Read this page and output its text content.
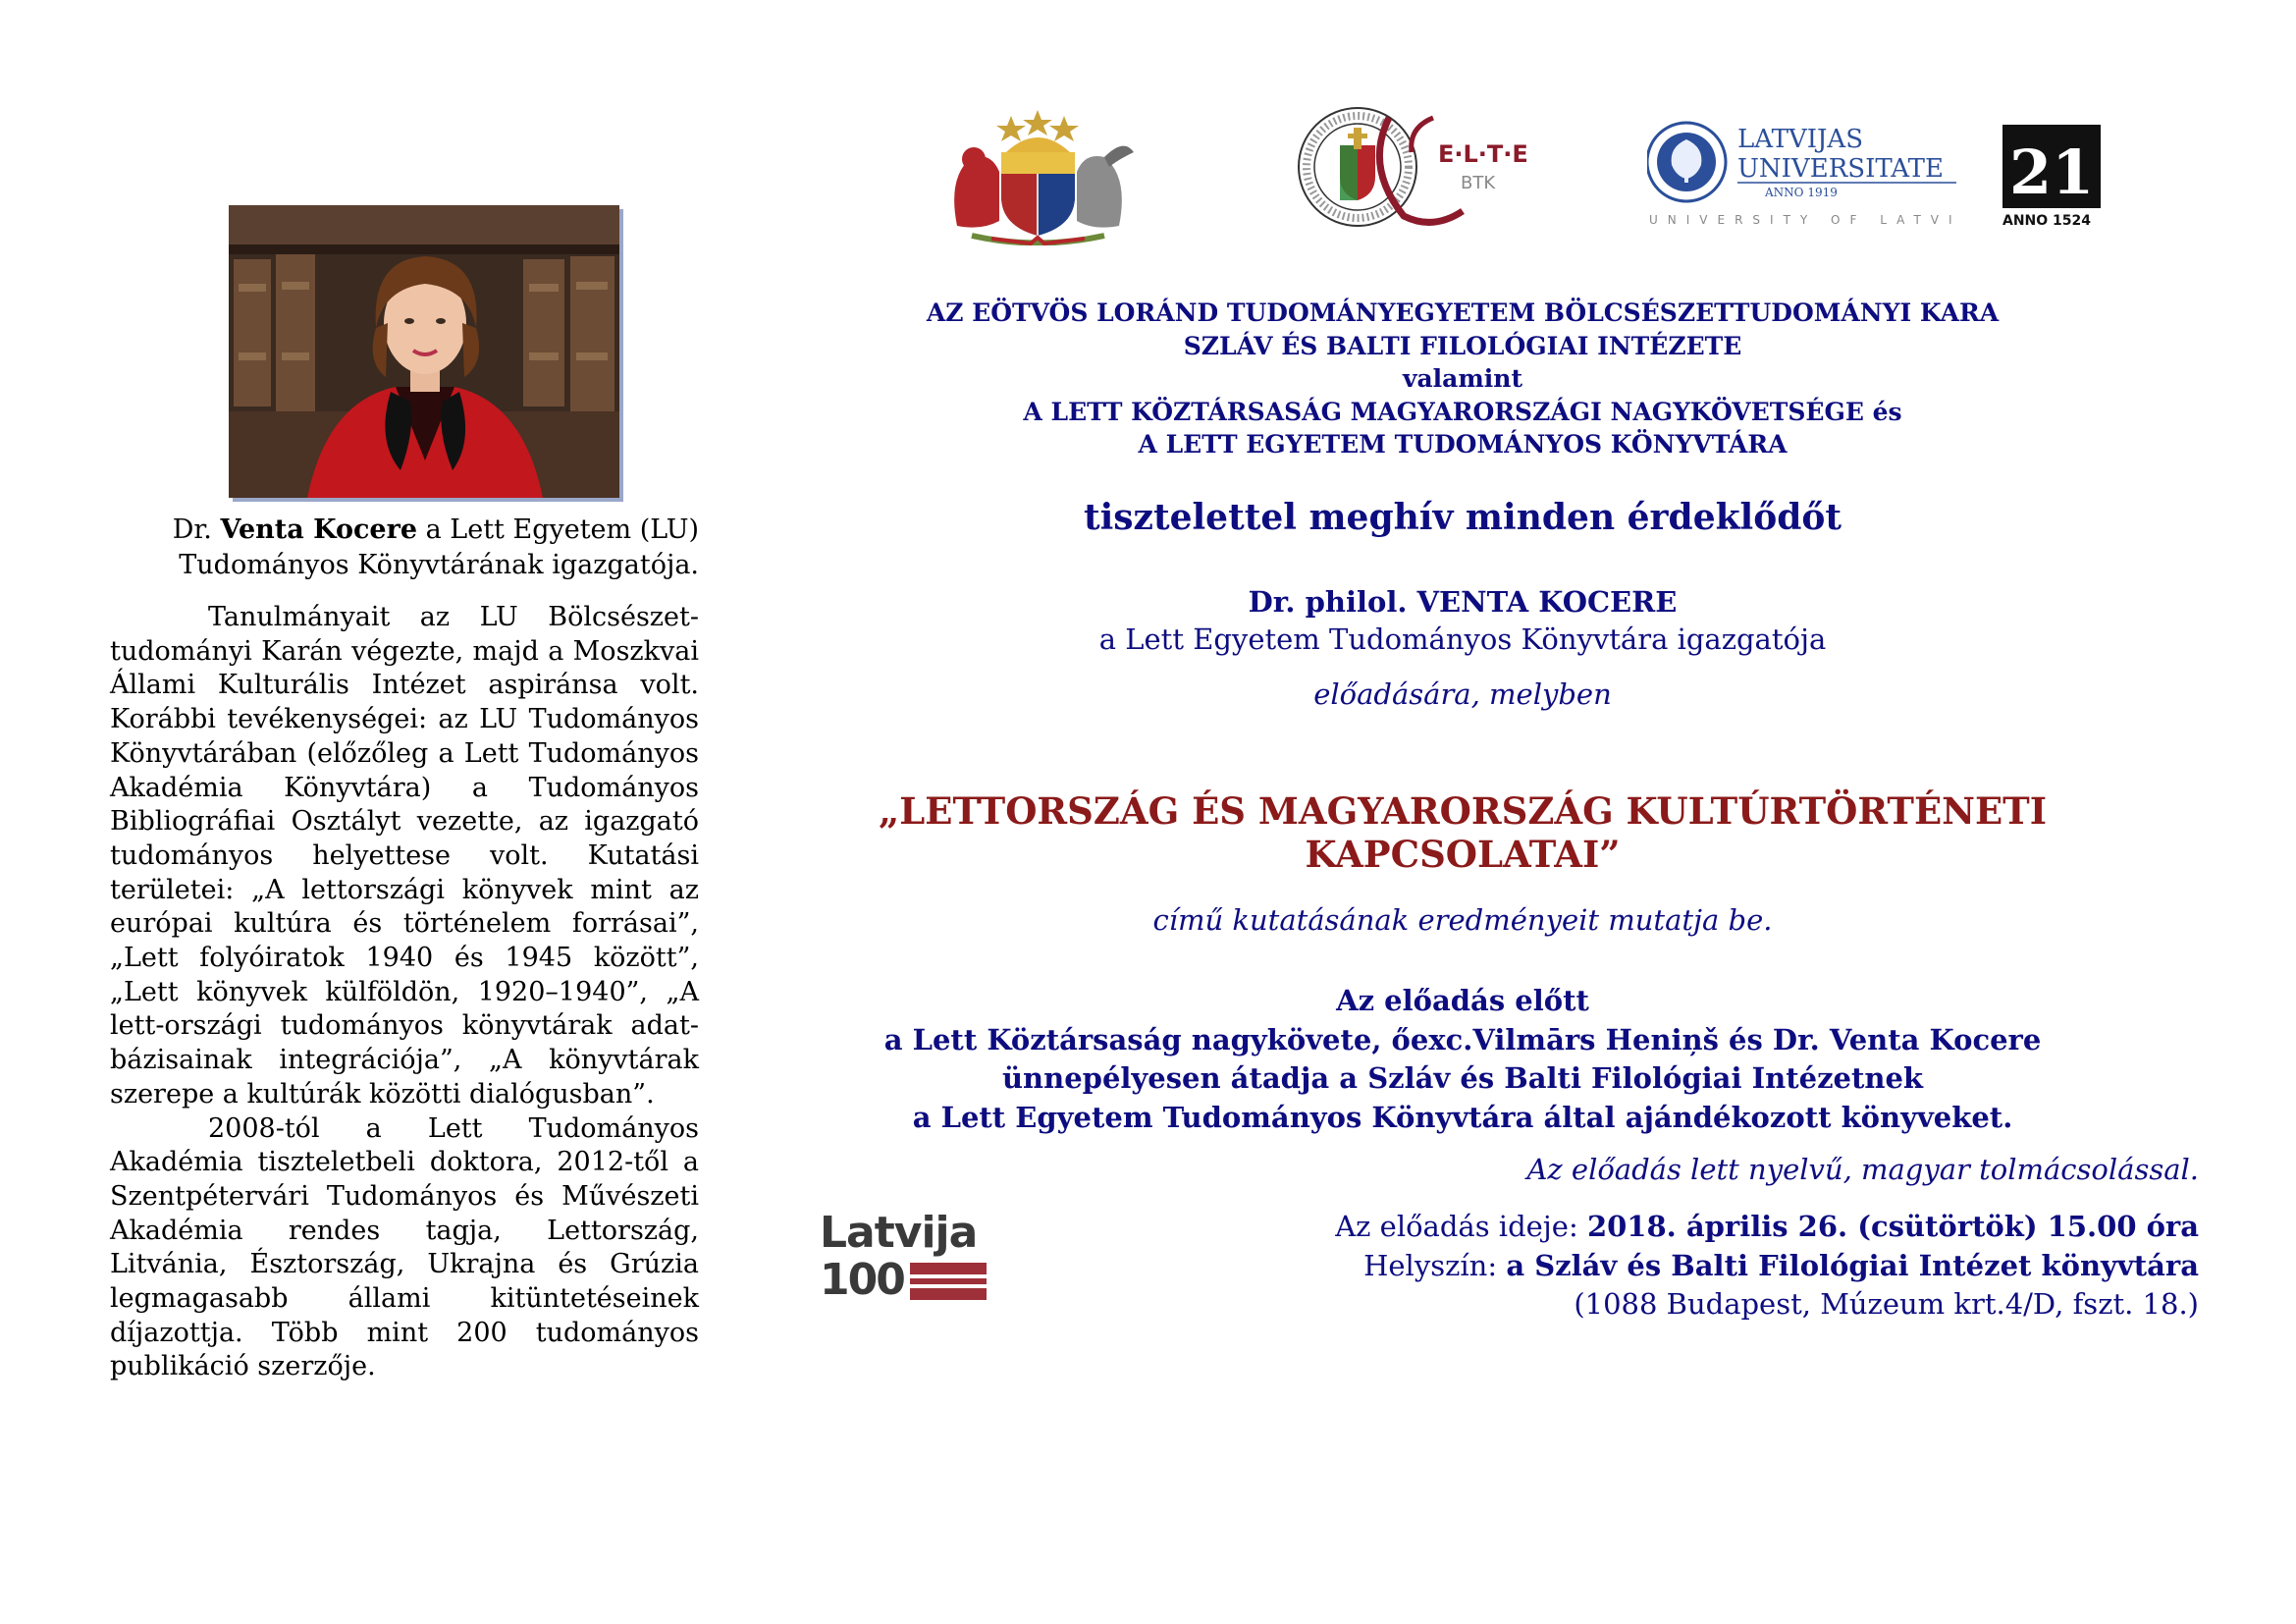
Dr. Venta Kocere a Lett Egyetem (LU)
Tudományos Könyvtárának igazgatója.

Tanulmányait az LU Bölcsészet-tudományi Karán végezte, majd a Moszkvai Állami Kulturális Intézet aspiránsa volt. Korábbi tevékenységei: az LU Tudományos Könyvtárában (előzőleg a Lett Tudományos Akadémia Könyvtára) a Tudományos Bibliográfiai Osztályt vezette, az igazgató tudományos helyettese volt. Kutatási területei: „A lettországi könyvek mint az európai kultúra és történelem forrásai”, „Lett folyóiratok 1940 és 1945 között”, „Lett könyvek külföldön, 1920–1940”, „A lett-országi tudományos könyvtárak adat-bázisainak integrációja”, „A könyvtárak szerepe a kultúrák közötti dialógusban”.

2008-tól a Lett Tudományos Akadémia tiszteletbeli doktora, 2012-től a Szentpétervári Tudományos és Művészeti Akadémia rendes tagja, Lettország, Litvánia, Észtország, Ukrajna és Grúzia legmagasabb állami kitüntetéseinek díjazottja. Több mint 200 tudományos publikáció szerzője.

E·L·T·E
BTK
LATVIJAS
UNIVERSITATE
ANNO 1919
UNIVERSITY OF LATVIA
21
ANNO 1524
AZ EÖTVÖS LORÁND TUDOMÁNYEGYETEM BÖLCSÉSZETTUDOMÁNYI KARA
SZLÁV ÉS BALTI FILOLÓGIAI INTÉZETE
valamint
A LETT KÖZTÁRSASÁG MAGYARORSZÁGI NAGYKÖVETSÉGE és
A LETT EGYETEM TUDOMÁNYOS KÖNYVTÁRA
tisztelettel meghív minden érdeklődőt
Dr. philol. VENTA KOCERE
a Lett Egyetem Tudományos Könyvtára igazgatója
előadására, melyben
„LETTORSZÁG ÉS MAGYARORSZÁG KULTÚRTÖRTÉNETI KAPCSOLATAI”
című kutatásának eredményeit mutatja be.
Az előadás előtt
a Lett Köztársaság nagykövete, őexc.Vilmārs Heniņš és Dr. Venta Kocere
ünnepélyesen átadja a Szláv és Balti Filológiai Intézetnek
a Lett Egyetem Tudományos Könyvtára által ajándékozott könyveket.
Az előadás lett nyelvű, magyar tolmácsolással.
Az előadás ideje: 2018. április 26. (csütörtök) 15.00 óra
Helyszín: a Szláv és Balti Filológiai Intézet könyvtára
(1088 Budapest, Múzeum krt.4/D, fszt. 18.)
Latvija
100
